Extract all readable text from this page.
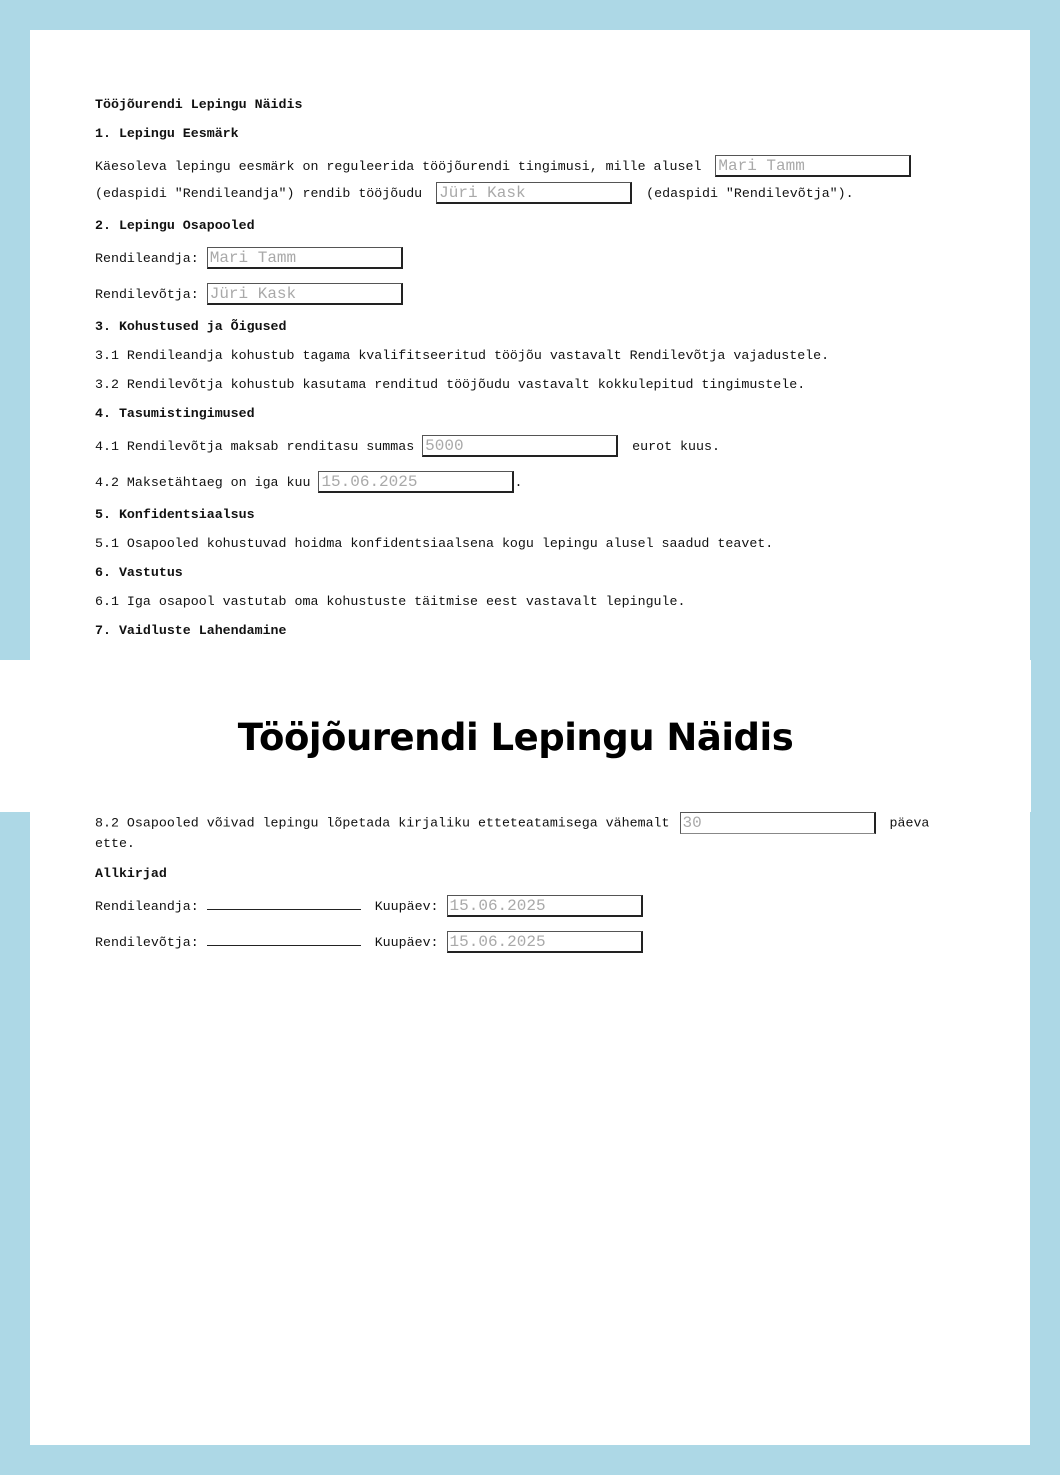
Tööjõurendi Lepingu Näidis
1. Lepingu Eesmärk
Käesoleva lepingu eesmärk on reguleerida tööjõurendi tingimusi, mille alusel Mari Tamm
(edaspidi "Rendileandja") rendib tööjõudu Jüri Kask	(edaspidi "Rendilevõtja").
2. Lepingu Osapooled
Rendileandja: Mari Tamm
Rendilevõtja: Jüri Kask
3. Kohustused ja Õigused
3.1 Rendileandja kohustub tagama kvalifitseeritud tööjõu vastavalt Rendilevõtja vajadustele.
3.2 Rendilevõtja kohustub kasutama renditud tööjõudu vastavalt kokkulepitud tingimustele.
4. Tasumistingimused
4.1 Rendilevõtja maksab renditasu summas 5000	eurot kuus.
4.2 Maksetähtaeg on iga kuu 15.06.2025	.
5. Konfidentsiaalsus
5.1 Osapooled kohustuvad hoidma konfidentsiaalsena kogu lepingu alusel saadud teavet.
6. Vastutus
6.1 Iga osapool vastutab oma kohustuste täitmise eest vastavalt lepingule.
7. Vaidluste Lahendamine
Tööjõurendi Lepingu Näidis
8.2 Osapooled võivad lepingu lõpetada kirjaliku etteteatamisega vähemalt 30	päeva ette.
Allkirjad
Rendileandja:	Kuupäev: 15.06.2025
Rendilevõtja:	Kuupäev: 15.06.2025
